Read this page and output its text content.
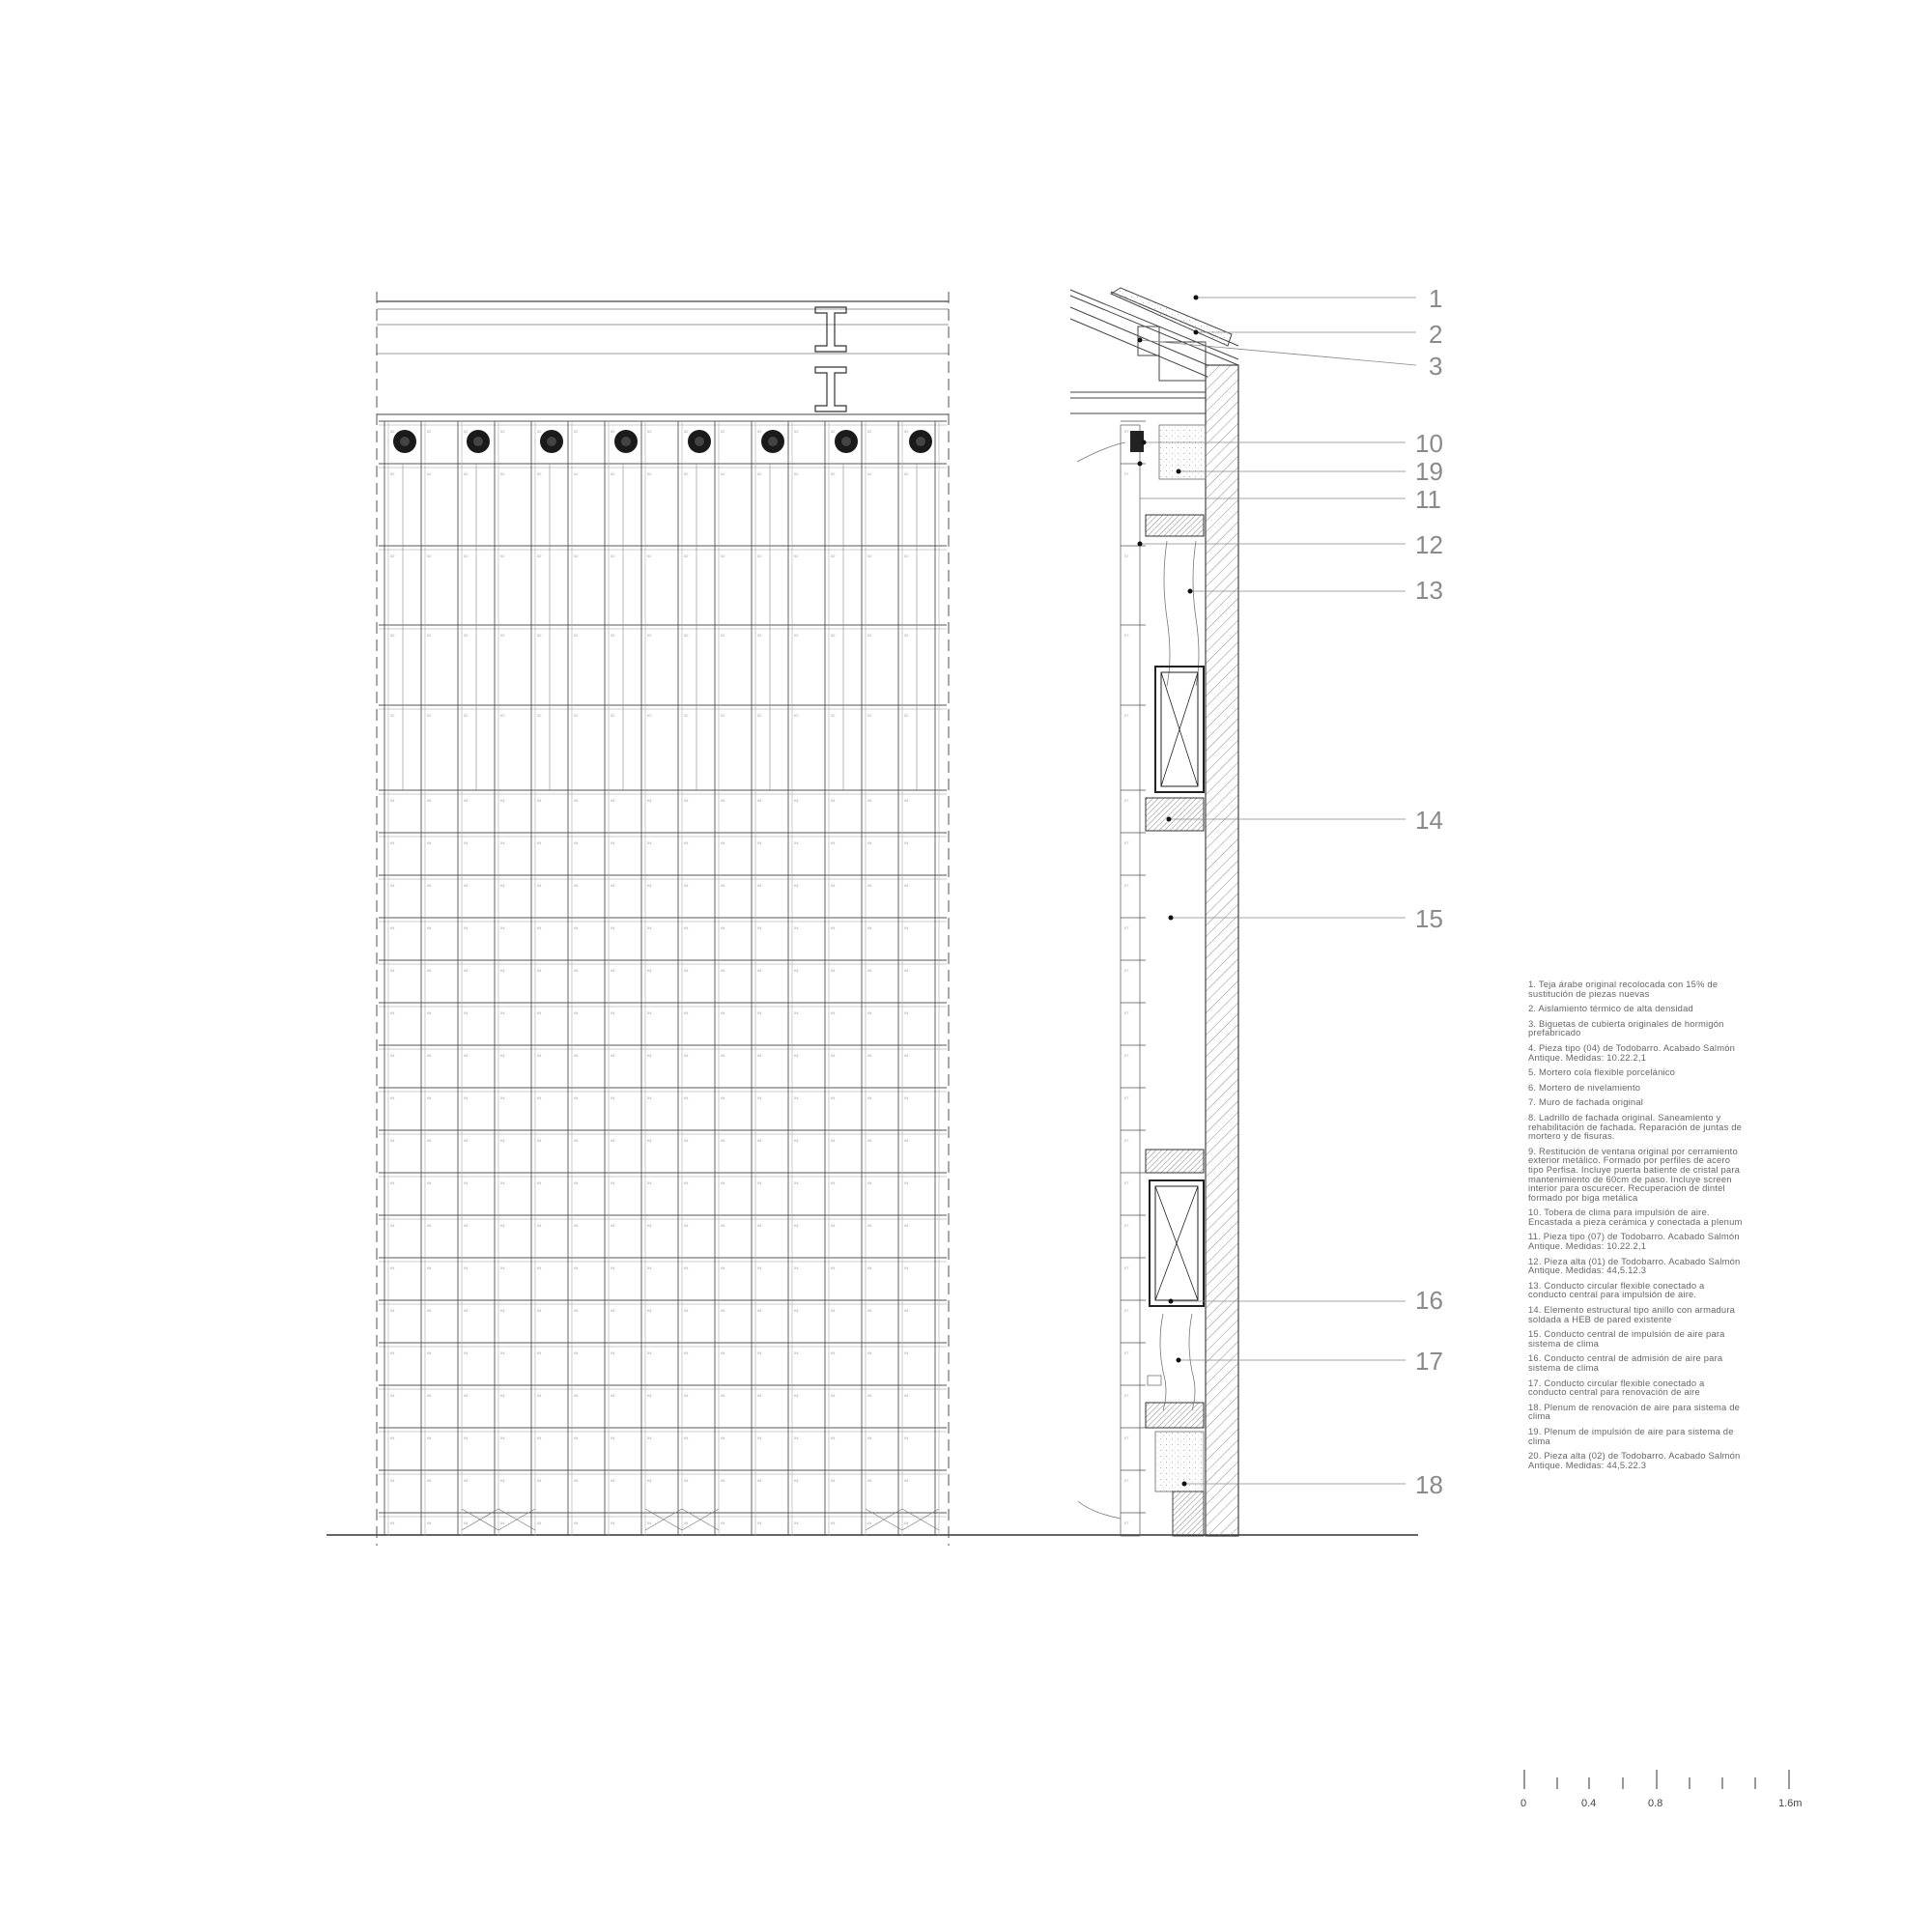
02	02	02	02	02	02	02	02	02	02	02	02	02	02	02
02	02	02	02	02	02	02	02	02	02	02	02	02	02	02
02	02	02	02	02	02	02	02	02	02	02	02	02	02	02
02	02	02	02	02	02	02	02	02	02	02	02	02	02	02
02	02	02	02	02	02	02	02	02	02	02	02	02	02	02
04	04	04	04	04	04	04	04	04	04	04	04	04	04	04
04	04	04	04	04	04	04	04	04	04	04	04	04	04	04
04	04	04	04	04	04	04	04	04	04	04	04	04	04	04
04	04	04	04	04	04	04	04	04	04	04	04	04	04	04
04	04	04	04	04	04	04	04	04	04	04	04	04	04	04
04	04	04	04	04	04	04	04	04	04	04	04	04	04	04
04	04	04	04	04	04	04	04	04	04	04	04	04	04	04
04	04	04	04	04	04	04	04	04	04	04	04	04	04	04
04	04	04	04	04	04	04	04	04	04	04	04	04	04	04
04	04	04	04	04	04	04	04	04	04	04	04	04	04	04
04	04	04	04	04	04	04	04	04	04	04	04	04	04	04
04	04	04	04	04	04	04	04	04	04	04	04	04	04	04
04	04	04	04	04	04	04	04	04	04	04	04	04	04	04
04	04	04	04	04	04	04	04	04	04	04	04	04	04	04
04	04	04	04	04	04	04	04	04	04	04	04	04	04	04
04	04	04	04	04	04	04	04	04	04	04	04	04	04	04
04	04	04	04	04	04	04	04	04	04	04	04	04	04	04
04	04	04	04	04	04	04	04	04	04	04	04	04	04	04
07
07
07
07
07
07
07
07
07
07
07
07
07
07
07
07
07
07
07
07
07
07
07
1
2
3
10
19
11
12
13
14
15
16
17
18
0	0.4	0.8	1.6m
1. Teja árabe original recolocada con 15% de sustitución de piezas nuevas
2. Aislamiento térmico de alta densidad
3. Biguetas de cubierta originales de hormigón prefabricado
4. Pieza tipo (04) de Todobarro. Acabado Salmón Antique. Medidas: 10.22.2,1
5. Mortero cola flexible porcelánico
6. Mortero de nivelamiento
7. Muro de fachada original
8. Ladrillo de fachada original. Saneamiento y rehabilitación de fachada. Reparación de juntas de mortero y de fisuras.
9. Restitución de ventana original por cerramiento exterior metálico. Formado por perfiles de acero tipo Perfisa. Incluye puerta batiente de cristal para mantenimiento de 60cm de paso. Incluye screen interior para oscurecer. Recuperación de dintel formado por biga metálica
10. Tobera de clima para impulsión de aire. Encastada a pieza cerámica y conectada a plenum
11. Pieza tipo (07) de Todobarro. Acabado Salmón Antique. Medidas: 10.22.2,1
12. Pieza alta (01) de Todobarro. Acabado Salmón Antique. Medidas: 44,5.12.3
13. Conducto circular flexible conectado a conducto central para impulsión de aire.
14. Elemento estructural tipo anillo con armadura soldada a HEB de pared existente
15. Conducto central de impulsión de aire para sistema de clima
16. Conducto central de admisión de aire para sistema de clima
17. Conducto circular flexible conectado a conducto central para renovación de aire
18. Plenum de renovación de aire para sistema de clima
19. Plenum de impulsión de aire para sistema de clima
20. Pieza alta (02) de Todobarro. Acabado Salmón Antique. Medidas: 44,5.22.3
